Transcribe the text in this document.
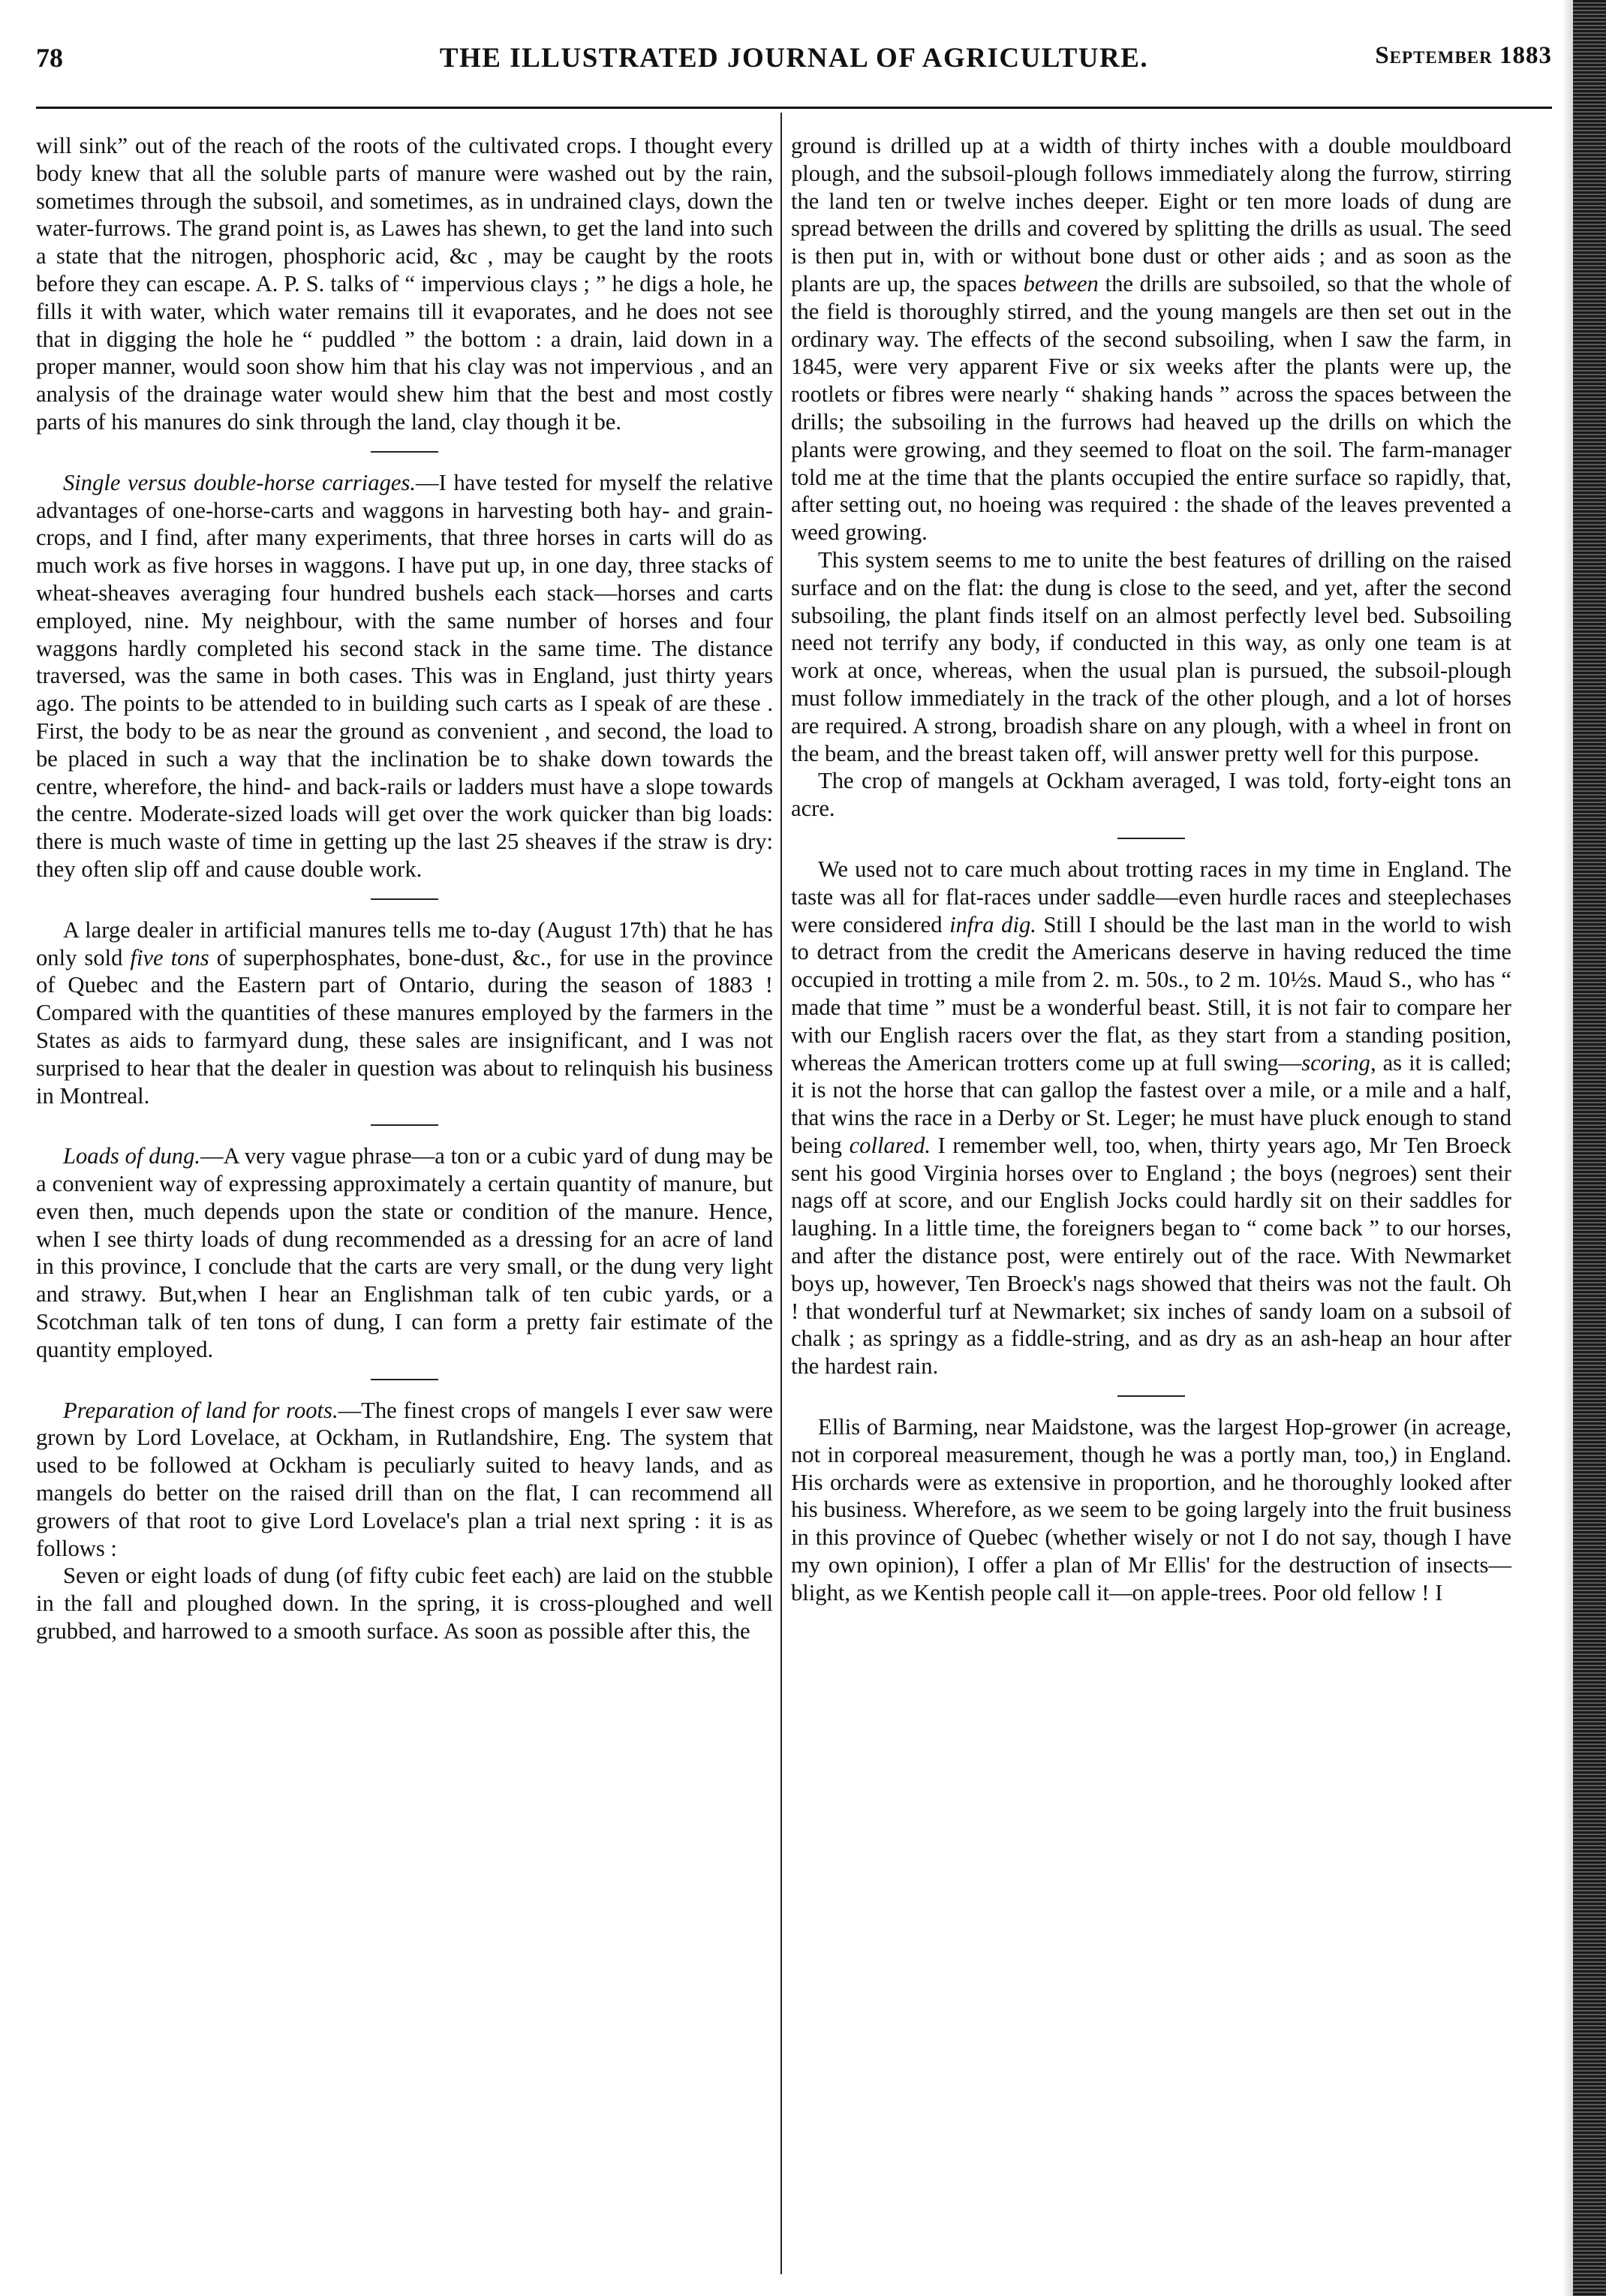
78	THE ILLUSTRATED JOURNAL OF AGRICULTURE.	September 1883

will sink” out of the reach of the roots of the cultivated crops. I thought every body knew that all the soluble parts of manure were washed out by the rain, sometimes through the subsoil, and sometimes, as in undrained clays, down the water-furrows. The grand point is, as Lawes has shewn, to get the land into such a state that the nitrogen, phosphoric acid, &c , may be caught by the roots before they can escape. A. P. S. talks of “ impervious clays ; ” he digs a hole, he fills it with water, which water remains till it evaporates, and he does not see that in digging the hole he “ puddled ” the bottom : a drain, laid down in a proper manner, would soon show him that his clay was not impervious , and an analysis of the drainage water would shew him that the best and most costly parts of his manures do sink through the land, clay though it be.

Single versus double-horse carriages.—I have tested for myself the relative advantages of one-horse-carts and waggons in harvesting both hay- and grain-crops, and I find, after many experiments, that three horses in carts will do as much work as five horses in waggons. I have put up, in one day, three stacks of wheat-sheaves averaging four hundred bushels each stack—horses and carts employed, nine. My neighbour, with the same number of horses and four waggons hardly completed his second stack in the same time. The distance traversed, was the same in both cases. This was in England, just thirty years ago. The points to be attended to in building such carts as I speak of are these . First, the body to be as near the ground as convenient , and second, the load to be placed in such a way that the inclination be to shake down towards the centre, wherefore, the hind- and back-rails or ladders must have a slope towards the centre. Moderate-sized loads will get over the work quicker than big loads: there is much waste of time in getting up the last 25 sheaves if the straw is dry: they often slip off and cause double work.

A large dealer in artificial manures tells me to-day (August 17th) that he has only sold five tons of superphosphates, bone-dust, &c., for use in the province of Quebec and the Eastern part of Ontario, during the season of 1883 ! Compared with the quantities of these manures employed by the farmers in the States as aids to farmyard dung, these sales are insignificant, and I was not surprised to hear that the dealer in question was about to relinquish his business in Montreal.

Loads of dung.—A very vague phrase—a ton or a cubic yard of dung may be a convenient way of expressing approximately a certain quantity of manure, but even then, much depends upon the state or condition of the manure. Hence, when I see thirty loads of dung recommended as a dressing for an acre of land in this province, I conclude that the carts are very small, or the dung very light and strawy. But,when I hear an Englishman talk of ten cubic yards, or a Scotchman talk of ten tons of dung, I can form a pretty fair estimate of the quantity employed.

Preparation of land for roots.—The finest crops of mangels I ever saw were grown by Lord Lovelace, at Ockham, in Rutlandshire, Eng. The system that used to be followed at Ockham is peculiarly suited to heavy lands, and as mangels do better on the raised drill than on the flat, I can recommend all growers of that root to give Lord Lovelace's plan a trial next spring : it is as follows :

Seven or eight loads of dung (of fifty cubic feet each) are laid on the stubble in the fall and ploughed down. In the spring, it is cross-ploughed and well grubbed, and harrowed to a smooth surface. As soon as possible after this, the

ground is drilled up at a width of thirty inches with a double mouldboard plough, and the subsoil-plough follows immediately along the furrow, stirring the land ten or twelve inches deeper. Eight or ten more loads of dung are spread between the drills and covered by splitting the drills as usual. The seed is then put in, with or without bone dust or other aids ; and as soon as the plants are up, the spaces between the drills are subsoiled, so that the whole of the field is thoroughly stirred, and the young mangels are then set out in the ordinary way. The effects of the second subsoiling, when I saw the farm, in 1845, were very apparent Five or six weeks after the plants were up, the rootlets or fibres were nearly “ shaking hands ” across the spaces between the drills; the subsoiling in the furrows had heaved up the drills on which the plants were growing, and they seemed to float on the soil. The farm-manager told me at the time that the plants occupied the entire surface so rapidly, that, after setting out, no hoeing was required : the shade of the leaves prevented a weed growing.

This system seems to me to unite the best features of drilling on the raised surface and on the flat: the dung is close to the seed, and yet, after the second subsoiling, the plant finds itself on an almost perfectly level bed. Subsoiling need not terrify any body, if conducted in this way, as only one team is at work at once, whereas, when the usual plan is pursued, the subsoil-plough must follow immediately in the track of the other plough, and a lot of horses are required. A strong, broadish share on any plough, with a wheel in front on the beam, and the breast taken off, will answer pretty well for this purpose.

The crop of mangels at Ockham averaged, I was told, forty-eight tons an acre.

We used not to care much about trotting races in my time in England. The taste was all for flat-races under saddle—even hurdle races and steeplechases were considered infra dig. Still I should be the last man in the world to wish to detract from the credit the Americans deserve in having reduced the time occupied in trotting a mile from 2. m. 50s., to 2 m. 10½s. Maud S., who has “ made that time ” must be a wonderful beast. Still, it is not fair to compare her with our English racers over the flat, as they start from a standing position, whereas the American trotters come up at full swing—scoring, as it is called; it is not the horse that can gallop the fastest over a mile, or a mile and a half, that wins the race in a Derby or St. Leger; he must have pluck enough to stand being collared. I remember well, too, when, thirty years ago, Mr Ten Broeck sent his good Virginia horses over to England ; the boys (negroes) sent their nags off at score, and our English Jocks could hardly sit on their saddles for laughing. In a little time, the foreigners began to “ come back ” to our horses, and after the distance post, were entirely out of the race. With Newmarket boys up, however, Ten Broeck's nags showed that theirs was not the fault. Oh ! that wonderful turf at Newmarket; six inches of sandy loam on a subsoil of chalk ; as springy as a fiddle-string, and as dry as an ash-heap an hour after the hardest rain.

Ellis of Barming, near Maidstone, was the largest Hop-grower (in acreage, not in corporeal measurement, though he was a portly man, too,) in England. His orchards were as extensive in proportion, and he thoroughly looked after his business. Wherefore, as we seem to be going largely into the fruit business in this province of Quebec (whether wisely or not I do not say, though I have my own opinion), I offer a plan of Mr Ellis' for the destruction of insects—blight, as we Kentish people call it—on apple-trees. Poor old fellow ! I
